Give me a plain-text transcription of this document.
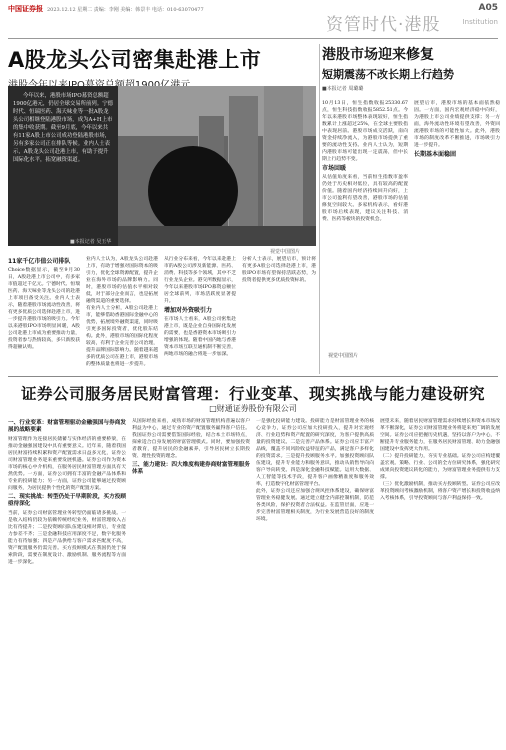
中国证券报 2023.12.12 星期二 责编：李刚 美编：韩景丰 电话：010-63070477
资管时代·港股
A05
Institution
A股龙头公司密集赴港上市

今年以来，港股市场IPO募资总额超1900亿港元，仍居全球交易所前列。宁德时代、恒瑞医药、海天味业等一批A股龙头公司相继登陆港股市场，成为A+H上市的集中收获期。截至9月底，今年以来共有11家A股上市公司成功登陆港股市场，另有多家公司正在排队等候。业内人士表示，A股龙头公司赴港上市，有助于提升国际化水平，拓宽融资渠道。

■本报记者 吴玉华
视觉中国图片
11家千亿市值公司排队
Choice数据显示，截至9月30日，A股赴港上市公司中，有多家市值超过千亿元。宁德时代、恒瑞医药、海天味业等龙头公司的赴港上市项目备受关注。业内人士表示，随着港股市场流动性改善，将有更多优质公司选择赴港上市，进一步提升港股市场的吸引力。今年以来港股IPO市场明显回暖，A股公司赴港上市成为重要推动力量，投资者参与热情较高，多只新股获得超额认购。
业内人士认为，A股龙头公司赴港上市，有助于增强对国际资本的吸引力，优化全球资源配置，提升企业在海外市场的品牌影响力。同时，港股市场的估值水平相对较低，对于部分企业而言，也是拓展融资渠道的重要选择。
有业内人士分析，A股公司赴港上市，能够借助香港国际金融中心的优势，拓展境外融资渠道，同时吸引更多国际投资者，优化股东结构。此外，港股市场的国际化程度较高，有利于企业完善公司治理，提升品牌国际影响力。随着越来越多的优质公司在港上市，港股市场的整体质量也将进一步提升。
从行业分布来看，今年以来赴港上市的A股公司涉及新能源、医药、消费、科技等多个领域，其中不乏行业龙头企业。港交所数据显示，今年以来港股市场IPO募资总额位居全球前列，市场活跃度显著提升。
增加对外资吸引力
在市场人士看来，A股公司密集赴港上市，既是企业自身国际化发展的需要，也是香港资本市场吸引力增强的体现。随着中国内地与香港资本市场互联互通机制不断完善，两地市场的融合将进一步加深。
分析人士表示，展望后市，预计将有更多A股公司选择赴港上市，港股IPO市场有望保持活跃态势，为投资者提供更多优质投资标的。
港股市场迎来修复
短期震荡不改长期上行趋势
■本报记者 周璐璐
10月13日，恒生指数收报25330.67点，恒生科技指数收报5852.51点。今年以来港股市场整体表现较好，恒生指数累计上涨超过25%，在全球主要股指中表现居前。港股市场成交活跃，南向资金持续净流入，为港股市场提供了重要的流动性支持。业内人士认为，短期内港股市场可能出现一定震荡，但中长期上行趋势不变。
市场回暖
从估值角度来看，当前恒生指数市盈率仍处于历史相对低位，具有较高的配置价值。随着国内经济持续回升向好，上市公司盈利有望改善，港股市场的估值修复空间较大。多家机构表示，看好港股市场后续表现，建议关注科技、消费、医药等板块的投资机会。
展望后市，港股市场的基本面依然稳固。一方面，国内宏观经济稳中向好，为港股上市公司业绩提供支撑；另一方面，海外流动性环境有望改善，外资回流港股市场的可能性加大。此外，港股市场的制度改革不断推进，市场吸引力进一步提升。
长期基本面稳固
视觉中国图片
证券公司服务居民财富管理：行业变革、现实挑战与能力建设研究
□财通证券股份有限公司
一、行业变革：财富管理驱动金融强国与券商发展的战略要素
财富管理作为连接居民储蓄与实体经济的重要桥梁，在推动金融强国建设中具有重要意义。近年来，随着我国居民财富持续积累和资产配置需求日益多元化，证券公司财富管理业务迎来重要发展机遇。证券公司作为资本市场的核心中介机构，在服务居民财富管理方面具有天然优势。一方面，证券公司拥有丰富的金融产品体系和专业的投研能力；另一方面，证券公司能够通过投资顾问服务，为居民提供个性化的资产配置方案。
二、现实挑战：转型仍处于早期阶段，买方投顾亟待深化
当前，证券公司财富管理业务转型仍面临诸多挑战。一是收入结构仍较为依赖传统经纪业务，财富管理收入占比有待提升；二是投资顾问队伍建设相对滞后，专业能力参差不齐；三是金融科技应用深度不足，数字化服务能力有待加强；四是产品供给与客户需求匹配度不高，资产配置服务仍需完善。买方投顾模式在我国仍处于探索阶段，需要在制度设计、激励机制、服务流程等方面进一步深化。
从国际经验来看，成熟市场的财富管理机构普遍以客户利益为中心，通过专业的资产配置服务赢得客户信任。我国证券公司需要借鉴国际经验，结合本土市场特点，探索适合自身发展的财富管理模式。同时，要加强投资者教育，提升居民的金融素养，引导居民树立长期投资、理性投资的理念。
三、能力建设：四大维度构建券商财富管理服务体系
一是强化投研能力建设。投研能力是财富管理业务的核心竞争力，证券公司应加大投研投入，提升对宏观经济、行业趋势和资产配置的研究深度，为客户提供高质量的投资建议。二是完善产品体系。证券公司应丰富产品线，覆盖不同风险收益特征的产品，满足客户多样化的投资需求。三是提升投顾服务水平。加强投资顾问队伍建设，提升专业能力和服务意识，推动从销售导向向客户导向转变。四是深化金融科技赋能。运用大数据、人工智能等技术手段，提升客户画像精准度和服务效率，打造数字化财富管理平台。
此外，证券公司还应加强合规风控体系建设，确保财富管理业务稳健发展。通过建立健全内部控制机制，防范各类风险，保护投资者合法权益。在监管层面，应进一步完善财富管理相关制度，为行业发展营造良好的制度环境。
展望未来，随着居民财富管理需求持续增长和资本市场改革不断深化，证券公司财富管理业务将迎来更广阔的发展空间。证券公司应把握历史机遇，坚持以客户为中心，不断提升专业服务能力，在服务居民财富管理、助力金融强国建设中发挥更大作用。
（二）提升投研能力，夯实专业基础。证券公司应构建覆盖宏观、策略、行业、公司的全方位研究体系，强化研究成果向投资建议转化的能力，为财富管理业务提供有力支撑。
（三）优化激励机制，推动买方投顾转型。证券公司应改革投资顾问考核激励机制，将客户资产增长和投资收益纳入考核体系，引导投资顾问与客户利益保持一致。
